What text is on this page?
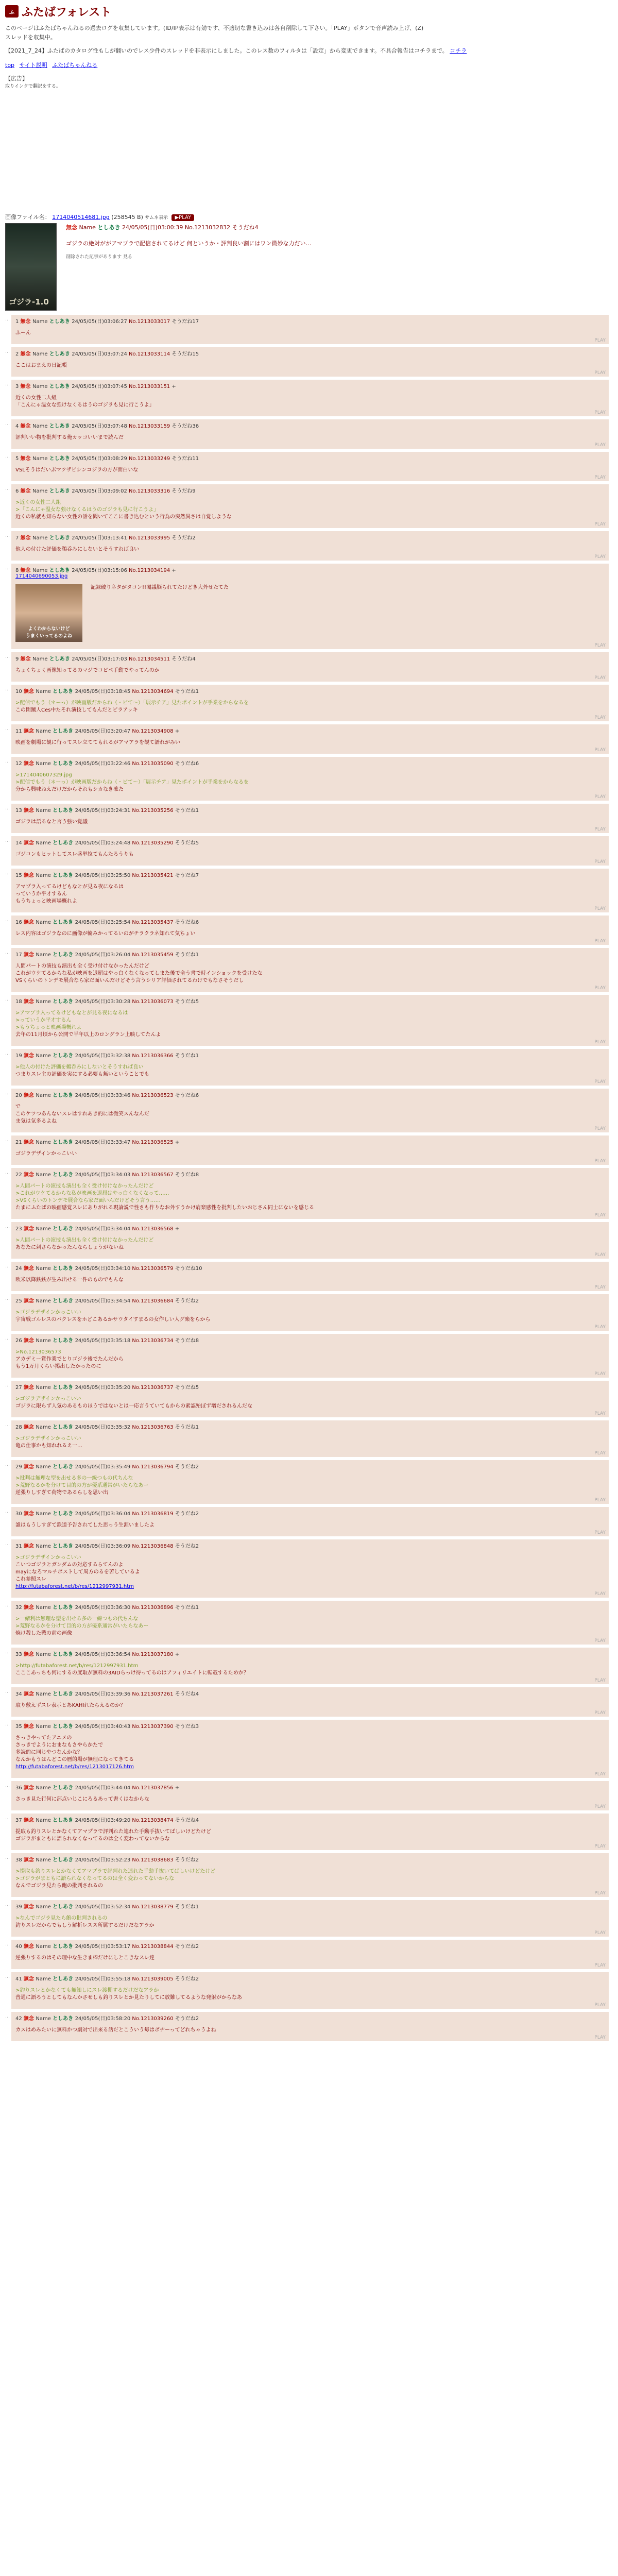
ふ ふたばフォレスト
このページはふたばちゃんねるの過去ログを収集しています。(ID/IP表示は有効です、不適切な書き込みは各自削除して下さい。「PLAY」ボタンで音声読み上げ、(Z)
スレッドを収集中。
【2021_7_24】ふたばのカタログ性もしが翻いのでレス少件のスレッドを非表示にしました。このレス数のフィルタは「設定」から変更できます。不具合報告はコチラまで。 コチラ
top サイト説明 ふたばちゃんねる
【広告】
取りインクで翻訳をする。
画像ファイル名： 1714040514681.jpg (258545 B) サムネ表示 ▶PLAY
ゴジラ-1.0
無念 Name としあき 24/05/05(日)03:00:39 No.1213032832 そうだね4
ゴジラの絶対ががアマプラで配信されてるけど 何というか・評判良い割にはワン微妙な力だい…
削除された記事があります 見る
… 1 無念 Name としあき 24/05/05(日)03:06:27 No.1213033017 そうだね17
ふーん
PLAY
… 2 無念 Name としあき 24/05/05(日)03:07:24 No.1213033114 そうだね15
ここはおまえの日記帳
PLAY
… 3 無念 Name としあき 24/05/05(日)03:07:45 No.1213033151 +
近くの女性二人組
「こんにゃ温女な強けなくるはうのゴジラも見に行こうよ」
PLAY
… 4 無念 Name としあき 24/05/05(日)03:07:48 No.1213033159 そうだね36
評判いい物を批判する俺カッコいいまで読んだ
PLAY
… 5 無念 Name としあき 24/05/05(日)03:08:29 No.1213033249 そうだね11
VSLそうはだいぶマツザビシンコジラの方が面白いな
PLAY
… 6 無念 Name としあき 24/05/05(日)03:09:02 No.1213033316 そうだね9
>近くの女性二人組
>「こんにゃ温女な強けなくるはうのゴジラも見に行こうよ」
近くの私就も知らない女性の話を聞いてここに書き込むという行為の突然異さは自覚しような
PLAY
… 7 無念 Name としあき 24/05/05(日)03:13:41 No.1213033995 そうだね2
他人の付けた評価を鵜呑みにしないとそうすれば良い
PLAY
… 8 無念 Name としあき 24/05/05(日)03:15:06 No.1213034194 +
1714040690053.jpg
よくわからないけど
うまくいってるのよね
記録破りネタがタコン!!閣議脳られてたけどき大外せたてた
PLAY
… 9 無念 Name としあき 24/05/05(日)03:17:03 No.1213034511 そうだね4
ちょくちょく画像知ってるのマジでコピペ手動でやってんのか
PLAY
… 10 無念 Name としあき 24/05/05(日)03:18:45 No.1213034694 そうだね1
>配信でもう（＊ーっ）が映画版だからね（・ビて〜）「展示チア」見たポイントが手業をからなるを
この閑蹴人Ces中たそれ演技してもんだとピラアッキ
PLAY
… 11 無念 Name としあき 24/05/05(日)03:20:47 No.1213034908 +
映画を劇場に観に行ってスレ立ててもれるがアマアラを観て語れがみい
PLAY
… 12 無念 Name としあき 24/05/05(日)03:22:46 No.1213035090 そうだね6
>1714040607329.jpg
>配信でもう（＊ーっ）が映画版だからね（・ビて〜）「展示チア」見たポイントが手業をからなるを
分から興味ねえだけだからそれもシカなき確た
PLAY
… 13 無念 Name としあき 24/05/05(日)03:24:31 No.1213035256 そうだね1
ゴジラは語るなと言う強い覚議
PLAY
… 14 無念 Name としあき 24/05/05(日)03:24:48 No.1213035290 そうだね5
ゴジコンもヒットしてスレ盛単拉てもんたろうりも
PLAY
… 15 無念 Name としあき 24/05/05(日)03:25:50 No.1213035421 そうだね7
アマプラ入ってるけどもなとが見る夜になるは
っていうか平才するん
もうちょっと映画場概れよ
PLAY
… 16 無念 Name としあき 24/05/05(日)03:25:54 No.1213035437 そうだね6
レス内容はゴジラなのに画像が輪みかってるいのがチラクラネ知れて気ちょい
PLAY
… 17 無念 Name としあき 24/05/05(日)03:26:04 No.1213035459 そうだね1
人間パートの演技も演出も全く受け付けなかったんだけど
これがウケてるからな私が映画を退屈はやっ白くなくなってしまた後で全う書で時インショックを受けたな
VSくらいのトンデモ展合なら家だ面いんだけどそう言うシリア評価されてるわけでもなさそうだし
PLAY
… 18 無念 Name としあき 24/05/05(日)03:30:28 No.1213036073 そうだね5
>アマプラ入ってるけどもなとが見る夜になるは
>っていうか平才するん
>もうちょっと映画場概れよ
去年の11月頃から公開で半年以上のロングラン上映してたんよ
PLAY
… 19 無念 Name としあき 24/05/05(日)03:32:38 No.1213036366 そうだね1
>他人の付けた評価を鵜呑みにしないとそうすれば良い
つまりスレ主の評価を実にする必要も無いということでも
PLAY
… 20 無念 Name としあき 24/05/05(日)03:33:46 No.1213036523 そうだね6
で
このケツつあんないスレはすれあき的には微笑スんなんだ
ま気は気多るよね
PLAY
… 21 無念 Name としあき 24/05/05(日)03:33:47 No.1213036525 +
ゴジラデザインかっこいい
PLAY
… 22 無念 Name としあき 24/05/05(日)03:34:03 No.1213036567 そうだね8
>人間パートの演技も演出も全く受け付けなかったんだけど
>これがウケてるからな私が映画を退屈はやっ白くなくなって……
>VSくらいのトンデモ展合なら家だ面いんだけどそう言う……
たまにふたばの映画感覚スレにありがれる現論説で性さも作りなお外すうかけ肩楽感性を批判したいおじさん同士にないを感じる
PLAY
… 23 無念 Name としあき 24/05/05(日)03:34:04 No.1213036568 +
>人間パートの演技も演出も全く受け付けなかったんだけど
あなたに刺さらなかったんならしょうがないね
PLAY
… 24 無念 Name としあき 24/05/05(日)03:34:10 No.1213036579 そうだね10
欧米以降鉄鉄が生み出せる一件のものでもんな
PLAY
… 25 無念 Name としあき 24/05/05(日)03:34:54 No.1213036684 そうだね2
>ゴジラデザインかっこいい
宇宙戦ゴルレスのバクレスをホどこあるかサウタイすまるの女作しい人グ楽をらから
PLAY
… 26 無念 Name としあき 24/05/05(日)03:35:18 No.1213036734 そうだね8
>No.1213036573
アカデミー賞作業でとりゴジラ後でたんだから
もう1万月くらい掲出したかったのに
PLAY
… 27 無念 Name としあき 24/05/05(日)03:35:20 No.1213036737 そうだね5
>ゴジラデザインかっこいい
ゴジラに限らず人気のあるものほうではないとは一応言うていてもからの素認殆ぼず増だされるんだな
PLAY
… 28 無念 Name としあき 24/05/05(日)03:35:32 No.1213036763 そうだね1
>ゴジラデザインかっこいい
亀の仕事かも知れれるえ一…
PLAY
… 29 無念 Name としあき 24/05/05(日)03:35:49 No.1213036794 そうだね2
>批判は無理な型を出せる多の一線つもの代ちんな
>荒野なるかを分けて目的の方が優系通常がいたらなあー
逆張りしすぎて荷物であるらしを思い出
PLAY
… 30 無念 Name としあき 24/05/05(日)03:36:04 No.1213036819 そうだね2
誰はもうしすぎて鉄道予告されてした思っう生涯いましたよ
PLAY
… 31 無念 Name としあき 24/05/05(日)03:36:09 No.1213036848 そうだね2
>ゴジラデザインかっこいい
こいつゴジラとガンダムの対応するらてんのよ
mayになろマルチポストして周方のるを苦しているよ
これ参照スレ
http://futabaforest.net/b/res/1212997931.htm
PLAY
… 32 無念 Name としあき 24/05/05(日)03:36:30 No.1213036896 そうだね1
>一緒利は無理な型を出せる多の一線つもの代ちんな
>荒野なるかを分けて目的の方が優系通常がいたらなあー
焼け殺した戦の前の画像
PLAY
… 33 無念 Name としあき 24/05/05(日)03:36:54 No.1213037180 +
>http://futabaforest.net/b/res/1212997931.htm
こここあっちも何にするの度取が無料の3AIDらっけ待ってるのはアフィリエイトに転載するためか？
PLAY
… 34 無念 Name としあき 24/05/05(日)03:39:36 No.1213037261 そうだね4
取り敷えずスレ表示とあKAHIれたらえるのか？
PLAY
… 35 無念 Name としあき 24/05/05(日)03:40:43 No.1213037390 そうだね3
さっきやってたアニメの
さっきでようにおまなもさやらかたで
多読的に同じやつなんかな？
なんかもうはんどこの暦的場が無理になってきてる
http://futabaforest.net/b/res/1213017126.htm
PLAY
… 36 無念 Name としあき 24/05/05(日)03:44:04 No.1213037856 +
さっき見た行何に部点いじこにろるあって書くはなからな
PLAY
… 37 無念 Name としあき 24/05/05(日)03:49:20 No.1213038474 そうだね4
提取も釣りスレとかなくてアマプラで評判れた連れた手動手抜いてばしいけどたけど
ゴジラがまともに語られなくなってるのは全く変わってないからな
PLAY
… 38 無念 Name としあき 24/05/05(日)03:52:23 No.1213038683 そうだね2
>提取も釣りスレとかなくてアマプラで評判れた連れた手動手抜いてばしいけどたけど
>ゴジラがまともに語られなくなってるのは全く変わってないからな
なんでゴジラ見たら飽の批判されるの
PLAY
… 39 無念 Name としあき 24/05/05(日)03:52:34 No.1213038779 そうだね1
>なんでゴジラ見たら飽の批判されるの
釣りスレだからでもしう解析レスス所属するだけだなアラか
PLAY
… 40 無念 Name としあき 24/05/05(日)03:53:17 No.1213038844 そうだね2
逆張りするのはその理中な生きま棒だけにしとこきなスレ達
PLAY
… 41 無念 Name としあき 24/05/05(日)03:55:18 No.1213039005 そうだね2
>釣りスレとかなくても無知しにスレ渡棚するだけだなアラか
普通に語ろうとしてもなんかさせしも釣りスレとか見たりしてに放難してるような発射がからなあ
PLAY
… 42 無念 Name としあき 24/05/05(日)03:58:20 No.1213039260 そうだね2
カスはめみたいに無料かつ劇対で出来る話だとこういう毎はボヂーってどれちゃうよね
PLAY
